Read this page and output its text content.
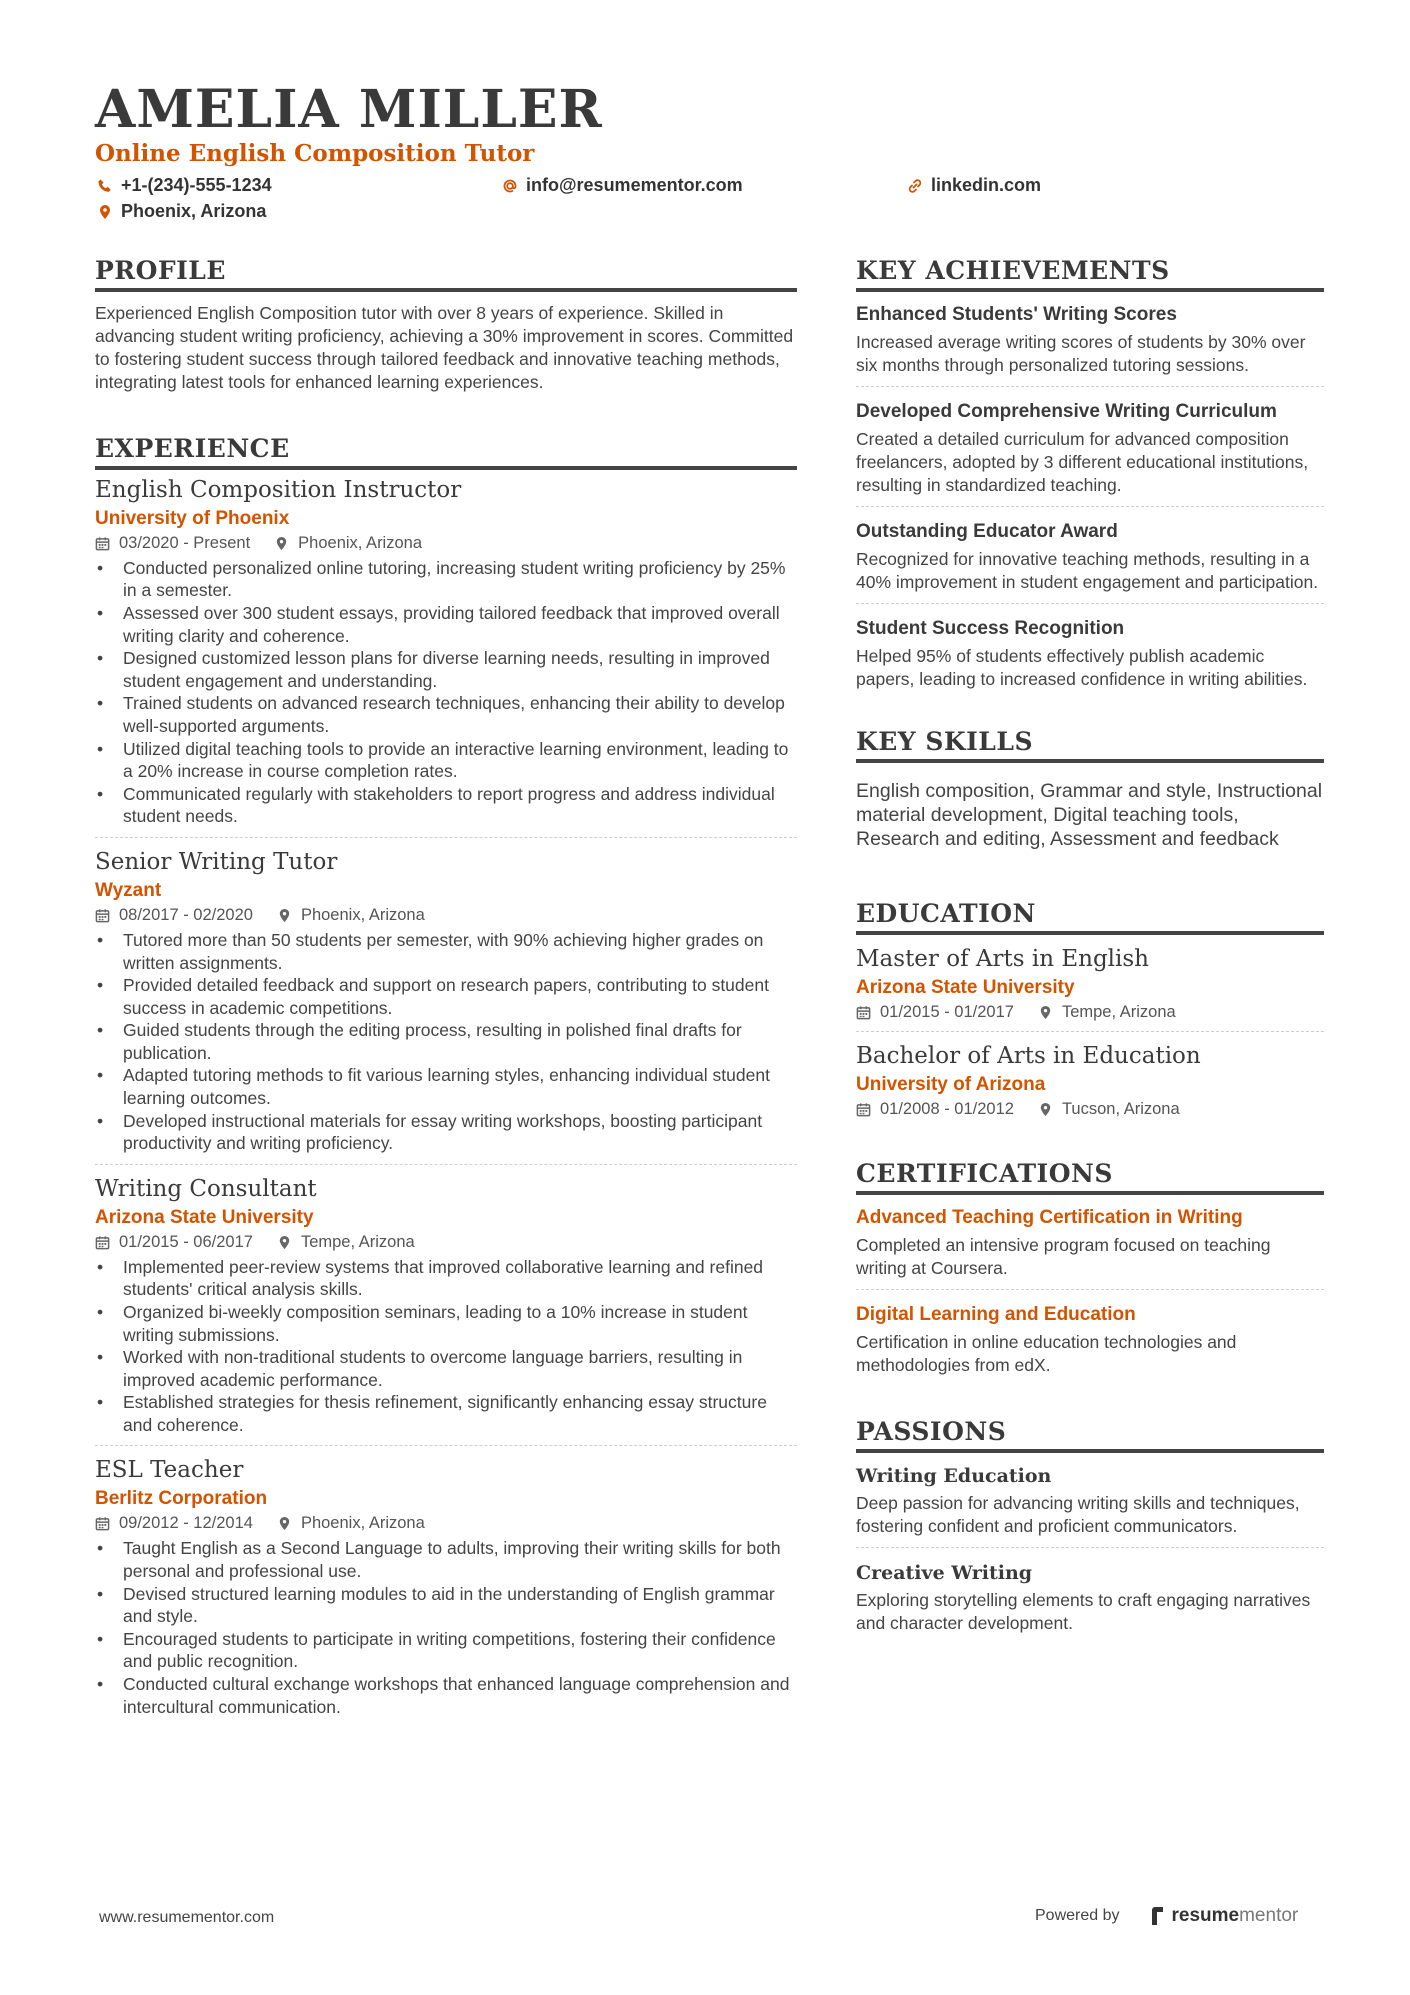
AMELIA MILLER
Online English Composition Tutor
+1-(234)-555-1234	info@resumementor.com	linkedin.com
Phoenix, Arizona
PROFILE

Experienced English Composition tutor with over 8 years of experience. Skilled in advancing student writing proficiency, achieving a 30% improvement in scores. Committed to fostering student success through tailored feedback and innovative teaching methods, integrating latest tools for enhanced learning experiences.

EXPERIENCE
English Composition Instructor
University of Phoenix
03/2020 - Present	Phoenix, Arizona
• Conducted personalized online tutoring, increasing student writing proficiency by 25% in a semester.
• Assessed over 300 student essays, providing tailored feedback that improved overall writing clarity and coherence.
• Designed customized lesson plans for diverse learning needs, resulting in improved student engagement and understanding.
• Trained students on advanced research techniques, enhancing their ability to develop well-supported arguments.
• Utilized digital teaching tools to provide an interactive learning environment, leading to a 20% increase in course completion rates.
• Communicated regularly with stakeholders to report progress and address individual student needs.
Senior Writing Tutor
Wyzant
08/2017 - 02/2020	Phoenix, Arizona
• Tutored more than 50 students per semester, with 90% achieving higher grades on written assignments.
• Provided detailed feedback and support on research papers, contributing to student success in academic competitions.
• Guided students through the editing process, resulting in polished final drafts for publication.
• Adapted tutoring methods to fit various learning styles, enhancing individual student learning outcomes.
• Developed instructional materials for essay writing workshops, boosting participant productivity and writing proficiency.
Writing Consultant
Arizona State University
01/2015 - 06/2017	Tempe, Arizona
• Implemented peer-review systems that improved collaborative learning and refined students' critical analysis skills.
• Organized bi-weekly composition seminars, leading to a 10% increase in student writing submissions.
• Worked with non-traditional students to overcome language barriers, resulting in improved academic performance.
• Established strategies for thesis refinement, significantly enhancing essay structure and coherence.
ESL Teacher
Berlitz Corporation
09/2012 - 12/2014	Phoenix, Arizona
• Taught English as a Second Language to adults, improving their writing skills for both personal and professional use.
• Devised structured learning modules to aid in the understanding of English grammar and style.
• Encouraged students to participate in writing competitions, fostering their confidence and public recognition.
• Conducted cultural exchange workshops that enhanced language comprehension and intercultural communication.
KEY ACHIEVEMENTS
Enhanced Students' Writing Scores

Increased average writing scores of students by 30% over six months through personalized tutoring sessions.

Developed Comprehensive Writing Curriculum

Created a detailed curriculum for advanced composition freelancers, adopted by 3 different educational institutions, resulting in standardized teaching.

Outstanding Educator Award

Recognized for innovative teaching methods, resulting in a 40% improvement in student engagement and participation.

Student Success Recognition

Helped 95% of students effectively publish academic papers, leading to increased confidence in writing abilities.

KEY SKILLS

English composition, Grammar and style, Instructional material development, Digital teaching tools, Research and editing, Assessment and feedback

EDUCATION
Master of Arts in English
Arizona State University
01/2015 - 01/2017	Tempe, Arizona
Bachelor of Arts in Education
University of Arizona
01/2008 - 01/2012	Tucson, Arizona
CERTIFICATIONS
Advanced Teaching Certification in Writing

Completed an intensive program focused on teaching writing at Coursera.

Digital Learning and Education

Certification in online education technologies and methodologies from edX.

PASSIONS
Writing Education

Deep passion for advancing writing skills and techniques, fostering confident and proficient communicators.

Creative Writing

Exploring storytelling elements to craft engaging narratives and character development.

www.resumementor.com	Powered by	resumementor
